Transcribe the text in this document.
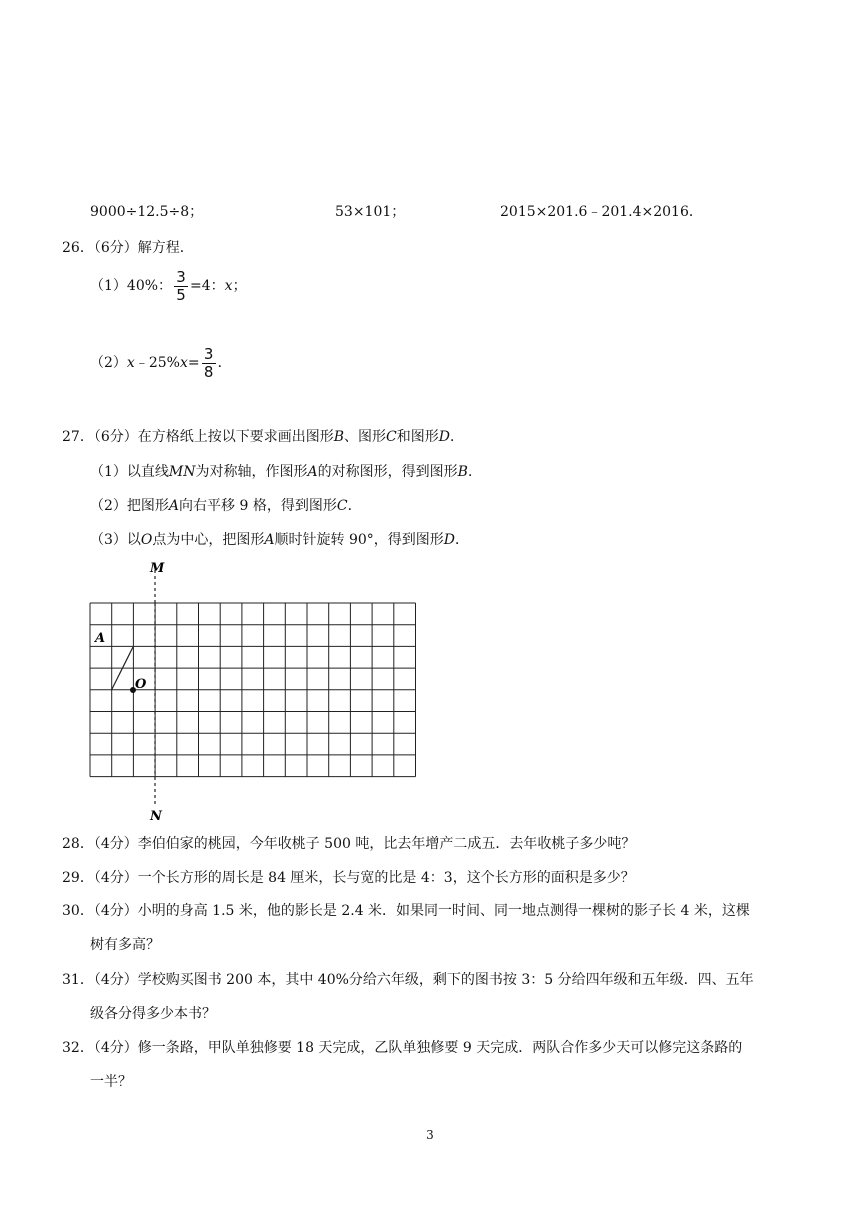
9000÷12.5÷8；	53×101；	2015×201.6﹣201.4×2016．
26．（6分）解方程．
（1）40%： $\frac{3}{5} =4$：x；
（2）x﹣25%x= $\frac{3}{8}$ ．
27．（6分）在方格纸上按以下要求画出图形B、图形C和图形D．
（1）以直线MN为对称轴，作图形A的对称图形，得到图形B．
（2）把图形A向右平移 9 格，得到图形C．
（3）以O点为中心，把图形A顺时针旋转 90°，得到图形D．
M
N
A
O
28．（4分）李伯伯家的桃园，今年收桃子 500 吨，比去年增产二成五．去年收桃子多少吨？
29．（4分）一个长方形的周长是 84 厘米，长与宽的比是 4：3，这个长方形的面积是多少？
30．（4分）小明的身高 1.5 米，他的影长是 2.4 米．如果同一时间、同一地点测得一棵树的影子长 4 米，这棵
树有多高？
31．（4分）学校购买图书 200 本，其中 40%分给六年级，剩下的图书按 3：5 分给四年级和五年级．四、五年
级各分得多少本书？
32．（4分）修一条路，甲队单独修要 18 天完成，乙队单独修要 9 天完成．两队合作多少天可以修完这条路的
一半？
3
